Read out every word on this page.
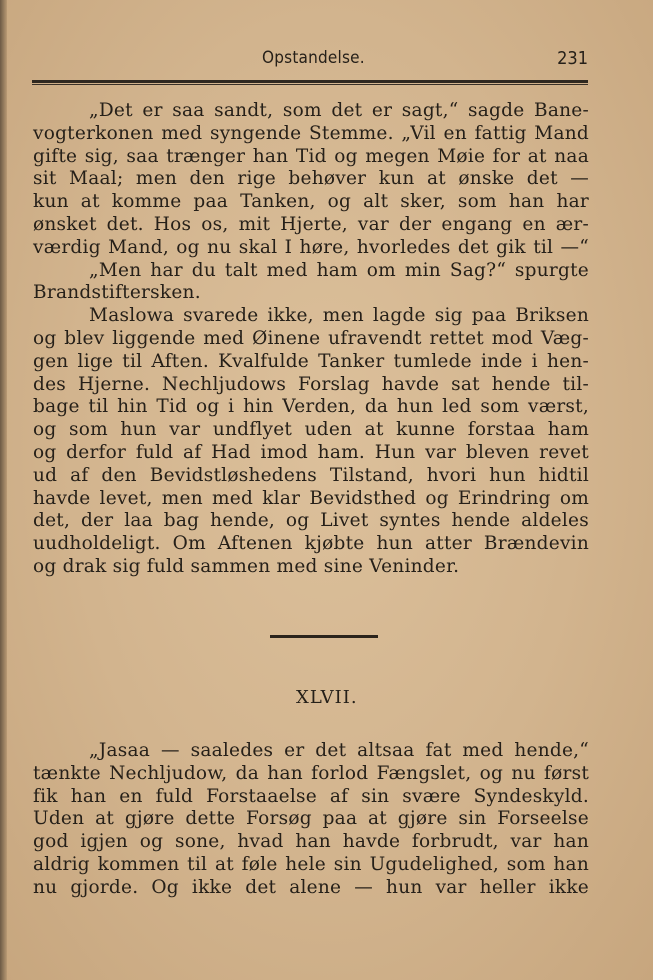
Opstandelse.	231
„Det er saa sandt, som det er sagt,“ sagde Bane-
vogterkonen med syngende Stemme. „Vil en fattig Mand
gifte sig, saa trænger han Tid og megen Møie for at naa
sit Maal; men den rige behøver kun at ønske det —
kun at komme paa Tanken, og alt sker, som han har
ønsket det. Hos os, mit Hjerte, var der engang en ær-
værdig Mand, og nu skal I høre, hvorledes det gik til —“
„Men har du talt med ham om min Sag?“ spurgte
Brandstiftersken.
Maslowa svarede ikke, men lagde sig paa Briksen
og blev liggende med Øinene ufravendt rettet mod Væg-
gen lige til Aften. Kvalfulde Tanker tumlede inde i hen-
des Hjerne. Nechljudows Forslag havde sat hende til-
bage til hin Tid og i hin Verden, da hun led som værst,
og som hun var undflyet uden at kunne forstaa ham
og derfor fuld af Had imod ham. Hun var bleven revet
ud af den Bevidstløshedens Tilstand, hvori hun hidtil
havde levet, men med klar Bevidsthed og Erindring om
det, der laa bag hende, og Livet syntes hende aldeles
uudholdeligt. Om Aftenen kjøbte hun atter Brændevin
og drak sig fuld sammen med sine Veninder.
XLVII.
„Jasaa — saaledes er det altsaa fat med hende,“
tænkte Nechljudow, da han forlod Fængslet, og nu først
fik han en fuld Forstaaelse af sin svære Syndeskyld.
Uden at gjøre dette Forsøg paa at gjøre sin Forseelse
god igjen og sone, hvad han havde forbrudt, var han
aldrig kommen til at føle hele sin Ugudelighed, som han
nu gjorde. Og ikke det alene — hun var heller ikke
